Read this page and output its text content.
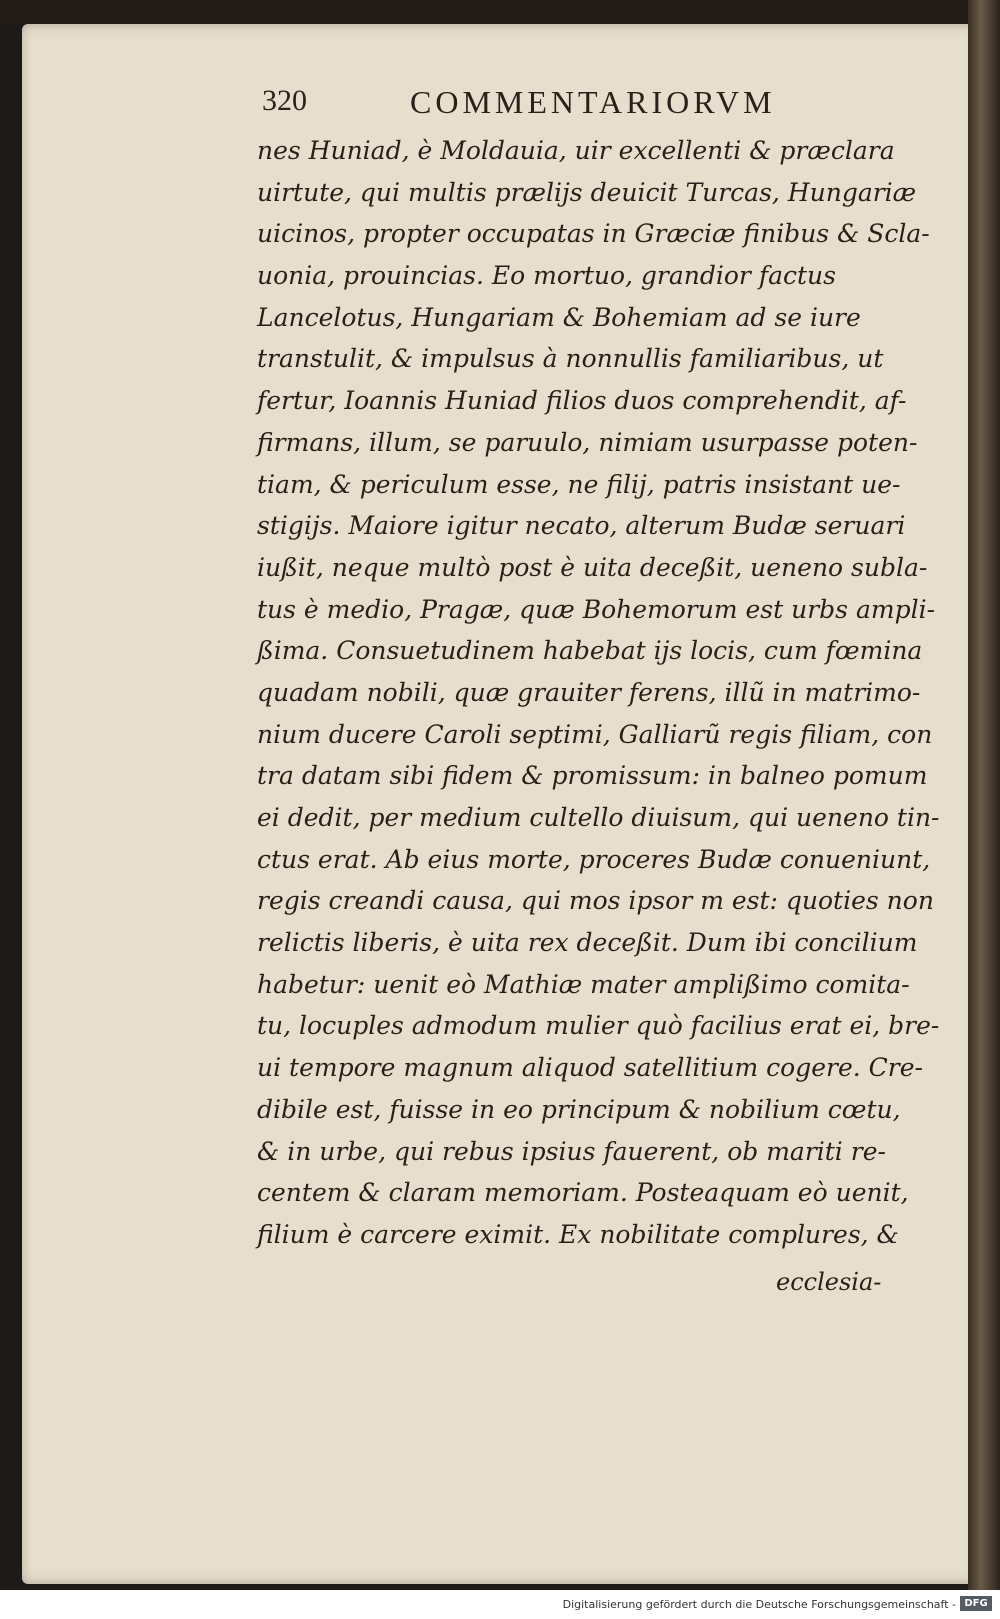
320	COMMENTARIORVM
nes Huniad, è Moldauia, uir excellenti & præclara
uirtute, qui multis prælijs deuicit Turcas, Hungariæ
uicinos, propter occupatas in Græciæ finibus & Scla-
uonia, prouincias. Eo mortuo, grandior factus
Lancelotus, Hungariam & Bohemiam ad se iure
transtulit, & impulsus à nonnullis familiaribus, ut
fertur, Ioannis Huniad filios duos comprehendit, af-
firmans, illum, se paruulo, nimiam usurpasse poten-
tiam, & periculum esse, ne filij, patris insistant ue-
stigijs. Maiore igitur necato, alterum Budæ seruari
iußit, neque multò post è uita deceßit, ueneno subla-
tus è medio, Pragæ, quæ Bohemorum est urbs ampli-
ßima. Consuetudinem habebat ijs locis, cum fœmina
quadam nobili, quæ grauiter ferens, illũ in matrimo-
nium ducere Caroli septimi, Galliarũ regis filiam, con
tra datam sibi fidem & promissum: in balneo pomum
ei dedit, per medium cultello diuisum, qui ueneno tin-
ctus erat. Ab eius morte, proceres Budæ conueniunt,
regis creandi causa, qui mos ipsor m est: quoties non
relictis liberis, è uita rex deceßit. Dum ibi concilium
habetur: uenit eò Mathiæ mater amplißimo comita-
tu, locuples admodum mulier quò facilius erat ei, bre-
ui tempore magnum aliquod satellitium cogere. Cre-
dibile est, fuisse in eo principum & nobilium cœtu,
& in urbe, qui rebus ipsius fauerent, ob mariti re-
centem & claram memoriam. Posteaquam eò uenit,
filium è carcere eximit. Ex nobilitate complures, &
ecclesia-
Digitalisierung gefördert durch die Deutsche Forschungsgemeinschaft - DFG
